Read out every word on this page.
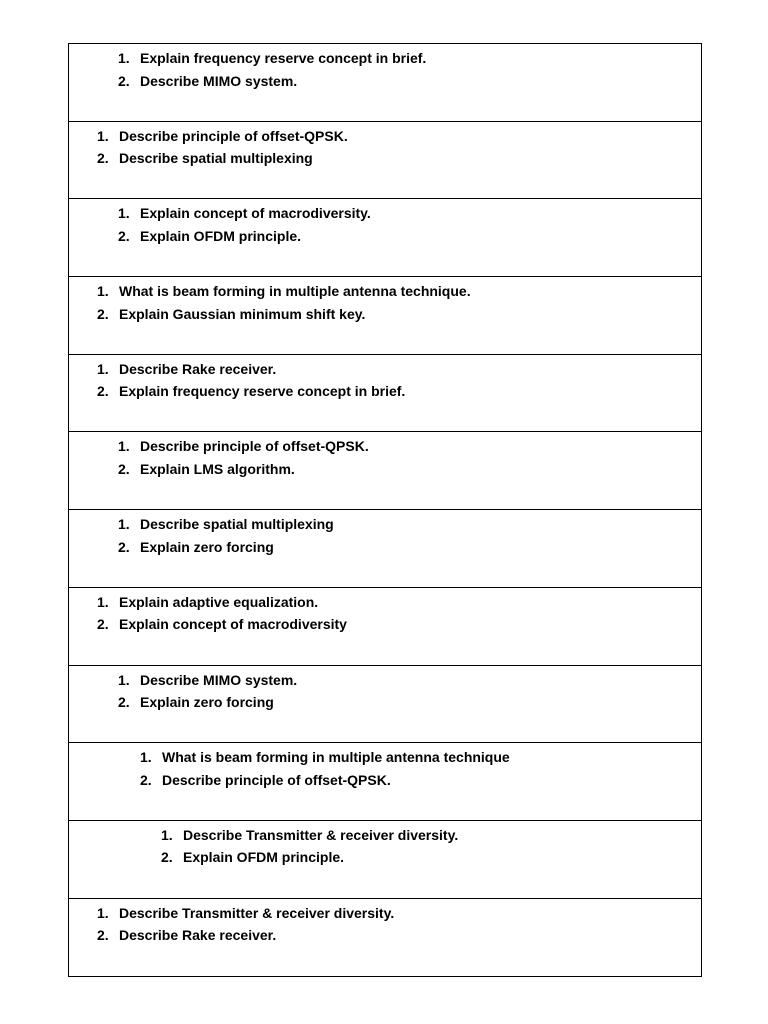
1. Explain frequency reserve concept in brief.
2. Describe MIMO system.
1. Describe principle of offset-QPSK.
2. Describe spatial multiplexing
1. Explain concept of macrodiversity.
2. Explain OFDM principle.
1. What is beam forming in multiple antenna technique.
2. Explain Gaussian minimum shift key.
1. Describe Rake receiver.
2. Explain frequency reserve concept in brief.
1. Describe principle of offset-QPSK.
2. Explain LMS algorithm.
1. Describe spatial multiplexing
2. Explain zero forcing
1. Explain adaptive equalization.
2. Explain concept of macrodiversity
1. Describe MIMO system.
2. Explain zero forcing
1. What is beam forming in multiple antenna technique
2. Describe principle of offset-QPSK.
1. Describe Transmitter & receiver diversity.
2. Explain OFDM principle.
1. Describe Transmitter & receiver diversity.
2. Describe Rake receiver.
